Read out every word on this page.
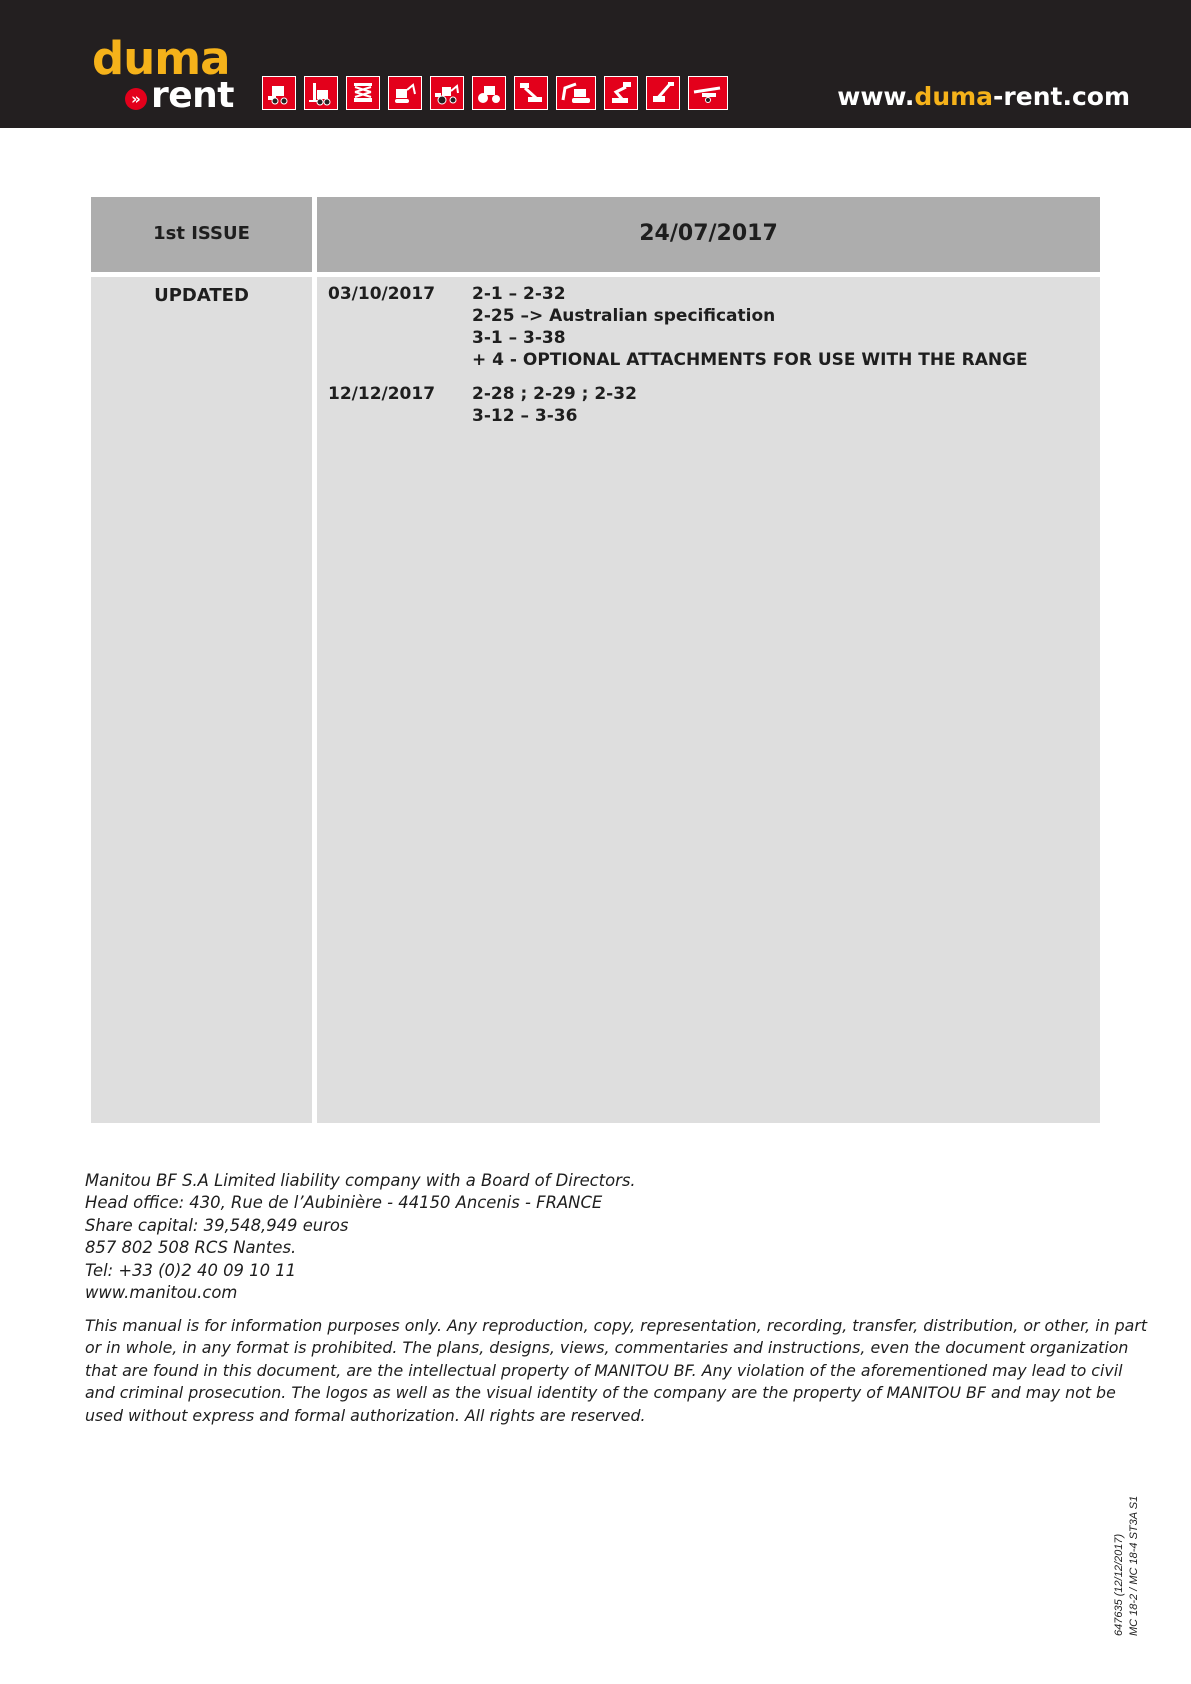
duma
» rent	www.duma-rent.com
1st ISSUE	24/07/2017
UPDATED	03/10/2017 2-1 – 2-32
2-25 –> Australian specification
3-1 – 3-38
+ 4 - OPTIONAL ATTACHMENTS FOR USE WITH THE RANGE
12/12/2017 2-28 ; 2-29 ; 2-32
3-12 – 3-36
Manitou BF S.A Limited liability company with a Board of Directors.
Head office: 430, Rue de l’Aubinière - 44150 Ancenis - FRANCE
Share capital: 39,548,949 euros
857 802 508 RCS Nantes.
Tel: +33 (0)2 40 09 10 11
www.manitou.com
This manual is for information purposes only. Any reproduction, copy, representation, recording, transfer, distribution, or other, in part
or in whole, in any format is prohibited. The plans, designs, views, commentaries and instructions, even the document organization
that are found in this document, are the intellectual property of MANITOU BF. Any violation of the aforementioned may lead to civil
and criminal prosecution. The logos as well as the visual identity of the company are the property of MANITOU BF and may not be
used without express and formal authorization. All rights are reserved.
647635 (12/12/2017) MC 18-2 / MC 18-4 ST3A S1
